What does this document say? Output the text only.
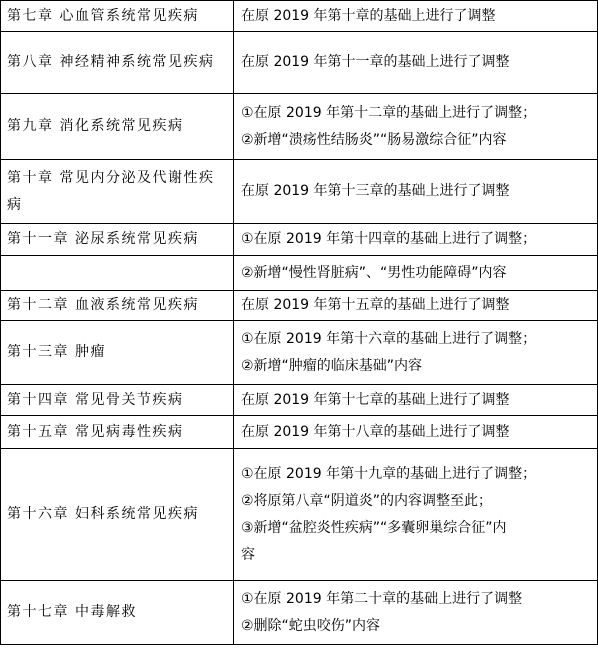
第七章 心血管系统常见疾病	在原 2019 年第十章的基础上进行了调整

第八章 神经精神系统常见疾病	在原 2019 年第十一章的基础上进行了调整

第九章 消化系统常见疾病	①在原 2019 年第十二章的基础上进行了调整；
②新增“溃疡性结肠炎”“肠易激综合征”内容

第十章 常见内分泌及代谢性疾病	在原 2019 年第十三章的基础上进行了调整

第十一章 泌尿系统常见疾病	①在原 2019 年第十四章的基础上进行了调整；

	②新增“慢性肾脏病”、“男性功能障碍”内容

第十二章 血液系统常见疾病	在原 2019 年第十五章的基础上进行了调整

第十三章 肿瘤	①在原 2019 年第十六章的基础上进行了调整；
②新增“肿瘤的临床基础”内容

第十四章 常见骨关节疾病	在原 2019 年第十七章的基础上进行了调整

第十五章 常见病毒性疾病	在原 2019 年第十八章的基础上进行了调整

第十六章 妇科系统常见疾病	①在原 2019 年第十九章的基础上进行了调整；
②将原第八章“阴道炎”的内容调整至此；
③新增“盆腔炎性疾病”“多囊卵巢综合征”内
容

第十七章 中毒解救	①在原 2019 年第二十章的基础上进行了调整
②删除“蛇虫咬伤”内容
